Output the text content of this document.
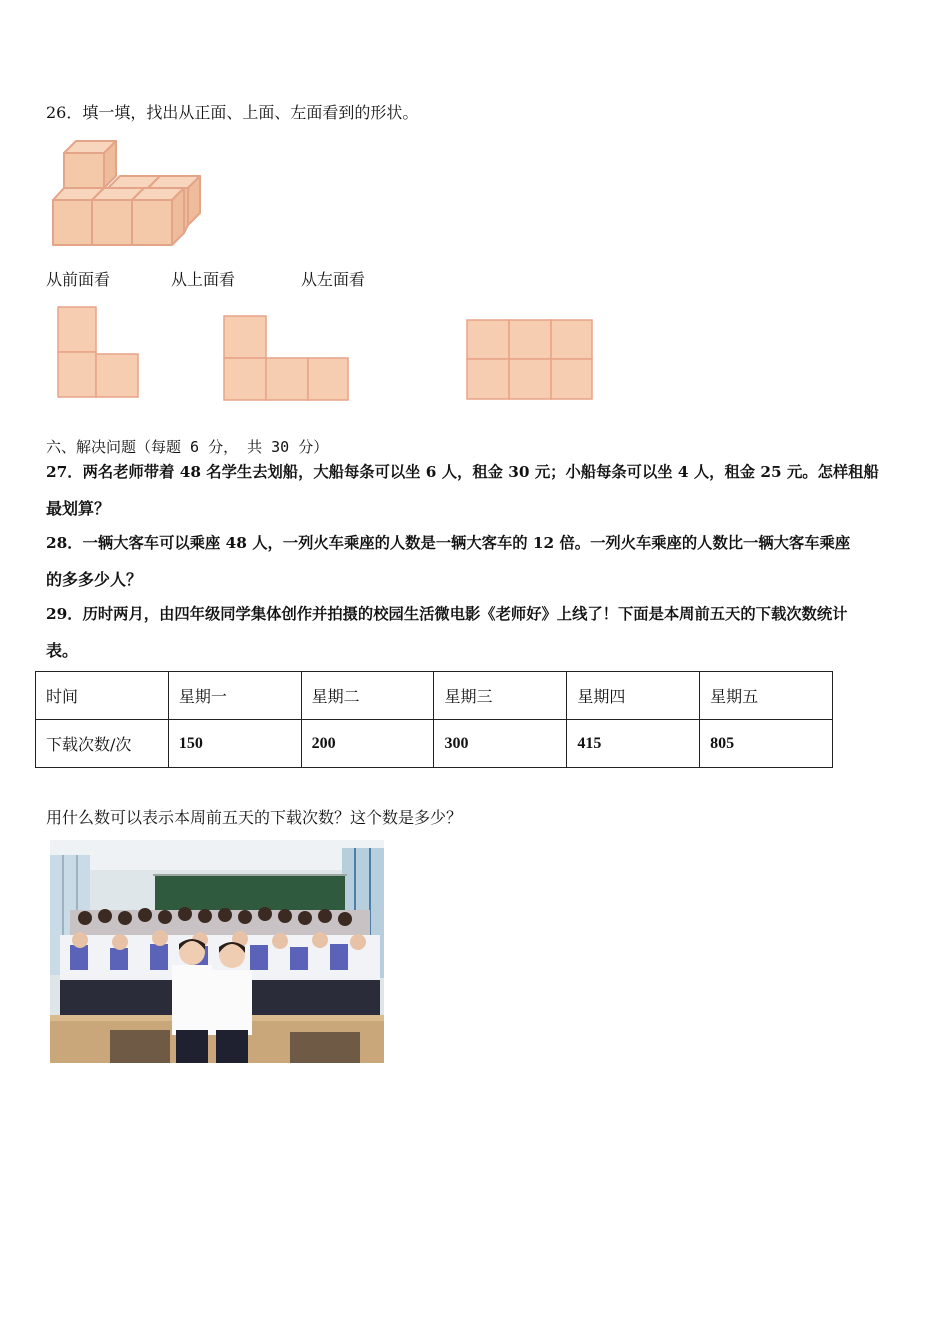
26．填一填，找出从正面、上面、左面看到的形状。
从前面看	从上面看	从左面看
六、解决问题（每题 6 分， 共 30 分）
27．两名老师带着 48 名学生去划船，大船每条可以坐 6 人，租金 30 元；小船每条可以坐 4 人，租金 25 元。怎样租船
最划算？
28．一辆大客车可以乘座 48 人，一列火车乘座的人数是一辆大客车的 12 倍。一列火车乘座的人数比一辆大客车乘座
的多多少人？
29．历时两月，由四年级同学集体创作并拍摄的校园生活微电影《老师好》上线了！下面是本周前五天的下载次数统计
表。
时间	星期一	星期二	星期三	星期四	星期五
下载次数/次	150	200	300	415	805
用什么数可以表示本周前五天的下载次数？这个数是多少？
